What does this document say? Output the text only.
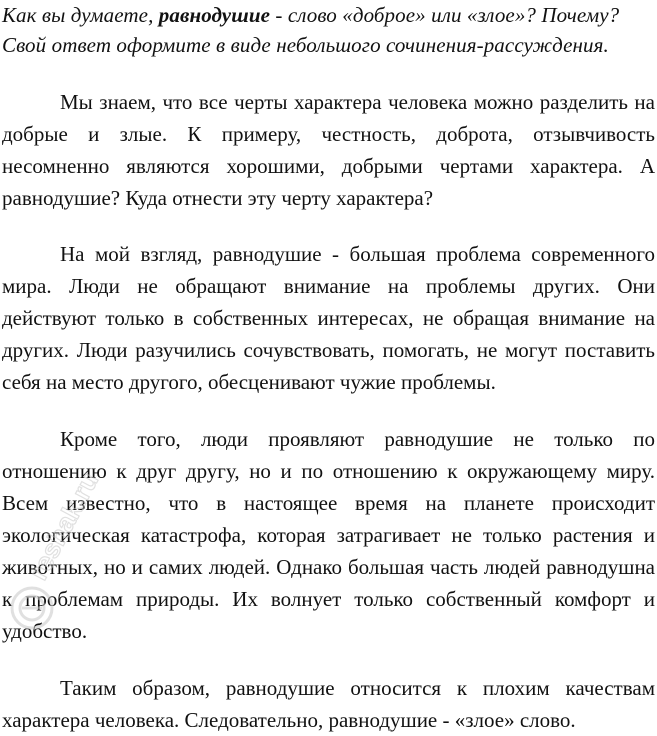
Как вы думаете, равнодушие - слово «доброе» или «злое»? Почему? Свой ответ оформите в виде небольшого сочинения-рассуждения.

Мы знаем, что все черты характера человека можно разделить на добрые и злые. К примеру, честность, доброта, отзывчивость несомненно являются хорошими, добрыми чертами характера. А равнодушие? Куда отнести эту черту характера?

На мой взгляд, равнодушие - большая проблема современного мира. Люди не обращают внимание на проблемы других. Они действуют только в собственных интересах, не обращая внимание на других. Люди разучились сочувствовать, помогать, не могут поставить себя на место другого, обесценивают чужие проблемы.

Кроме того, люди проявляют равнодушие не только по отношению к друг другу, но и по отношению к окружающему миру. Всем известно, что в настоящее время на планете происходит экологическая катастрофа, которая затрагивает не только растения и животных, но и самих людей. Однако большая часть людей равнодушна к проблемам природы. Их волнует только собственный комфорт и удобство.

Таким образом, равнодушие относится к плохим качествам характера человека. Следовательно, равнодушие - «злое» слово.

reshak.ru
